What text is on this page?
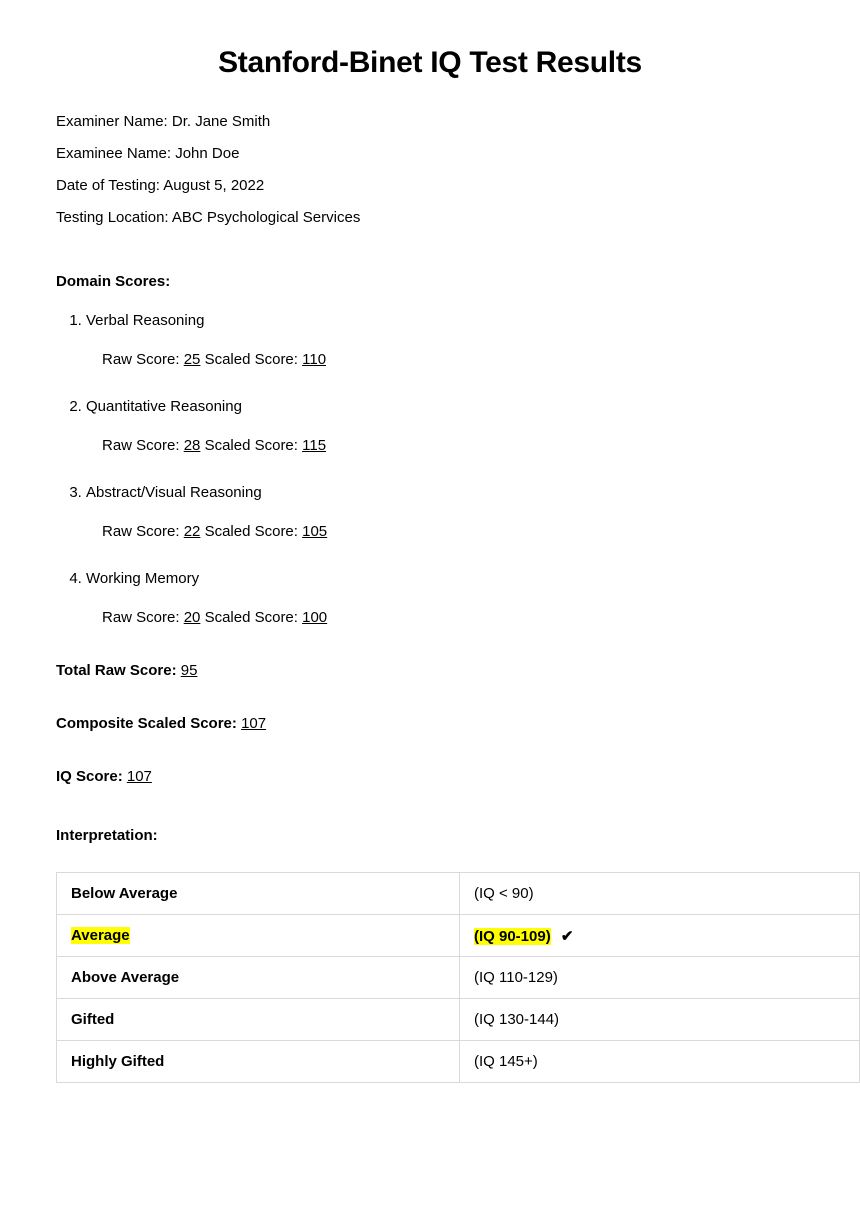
Stanford-Binet IQ Test Results
Examiner Name: Dr. Jane Smith
Examinee Name: John Doe
Date of Testing: August 5, 2022
Testing Location: ABC Psychological Services
Domain Scores:
1. Verbal Reasoning
Raw Score: 25 Scaled Score: 110
2. Quantitative Reasoning
Raw Score: 28 Scaled Score: 115
3. Abstract/Visual Reasoning
Raw Score: 22 Scaled Score: 105
4. Working Memory
Raw Score: 20 Scaled Score: 100
Total Raw Score: 95
Composite Scaled Score: 107
IQ Score: 107
Interpretation:
Below Average	(IQ < 90)
Average	(IQ 90-109) ✔
Above Average	(IQ 110-129)
Gifted	(IQ 130-144)
Highly Gifted	(IQ 145+)
